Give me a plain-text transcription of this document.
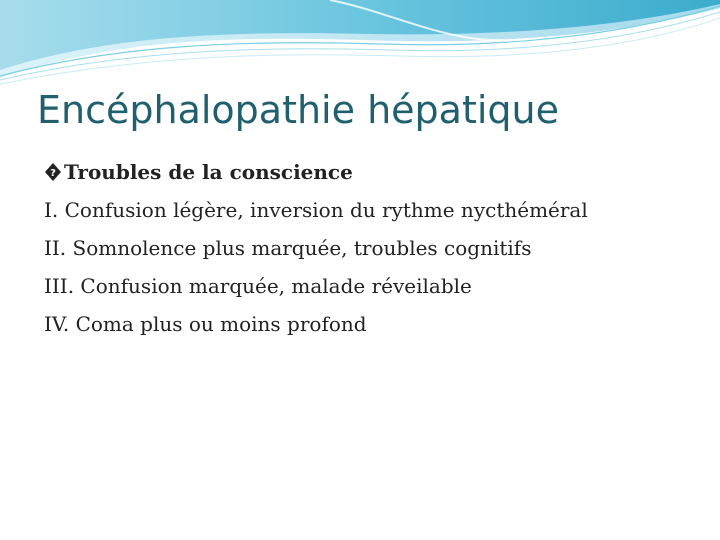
Encéphalopathie hépatique
? Troubles de la conscience
I. Confusion légère, inversion du rythme nycthéméral
II. Somnolence plus marquée, troubles cognitifs
III. Confusion marquée, malade réveilable
IV. Coma plus ou moins profond
